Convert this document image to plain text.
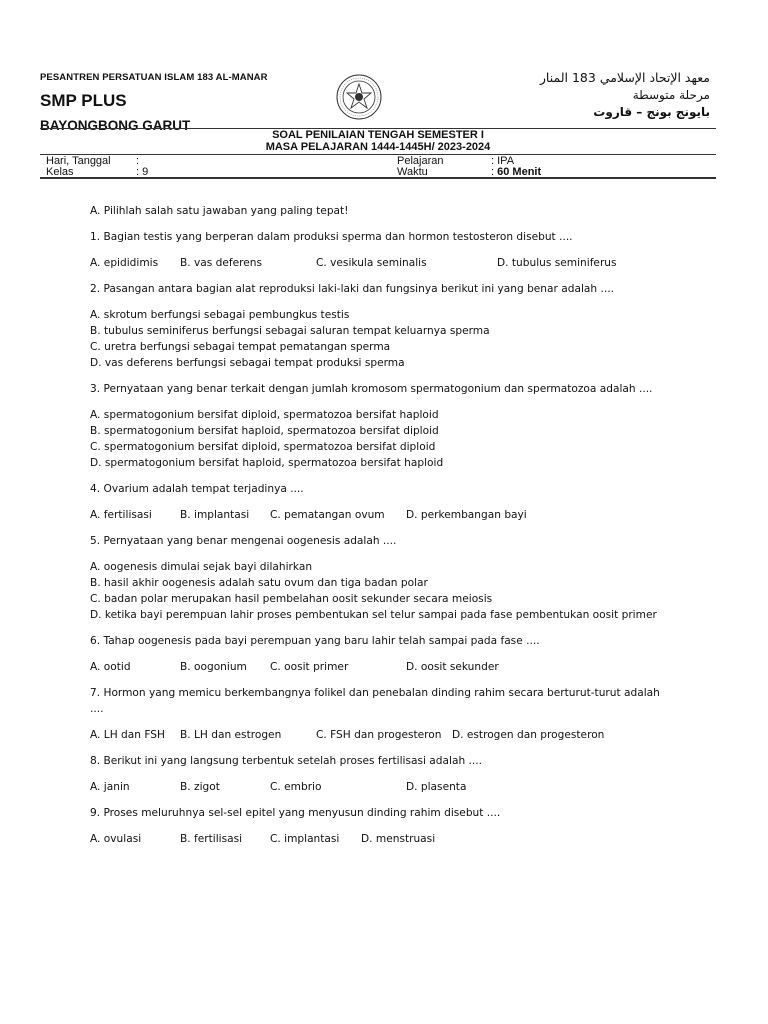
PESANTREN PERSATUAN ISLAM 183 AL-MANAR
SMP PLUS
BAYONGBONG GARUT
معهد الإتحاد الإسلامي 183 المنار
مرحلة متوسطة
بايونج بونج – قاروت
SOAL PENILAIAN TENGAH SEMESTER I
MASA PELAJARAN 1444-1445H/ 2023-2024
Hari, Tanggal :	Pelajaran	: IPA
Kelas	: 9	Waktu	: 60 Menit

A. Pilihlah salah satu jawaban yang paling tepat!

1. Bagian testis yang berperan dalam produksi sperma dan hormon testosteron disebut ....

A. epididimis	B. vas deferens	C. vesikula seminalis	D. tubulus seminiferus

2. Pasangan antara bagian alat reproduksi laki-laki dan fungsinya berikut ini yang benar adalah ....

A. skrotum berfungsi sebagai pembungkus testis
B. tubulus seminiferus berfungsi sebagai saluran tempat keluarnya sperma
C. uretra berfungsi sebagai tempat pematangan sperma
D. vas deferens berfungsi sebagai tempat produksi sperma

3. Pernyataan yang benar terkait dengan jumlah kromosom spermatogonium dan spermatozoa adalah ....

A. spermatogonium bersifat diploid, spermatozoa bersifat haploid
B. spermatogonium bersifat haploid, spermatozoa bersifat diploid
C. spermatogonium bersifat diploid, spermatozoa bersifat diploid
D. spermatogonium bersifat haploid, spermatozoa bersifat haploid

4. Ovarium adalah tempat terjadinya ....

A. fertilisasi	B. implantasi	C. pematangan ovum	D. perkembangan bayi

5. Pernyataan yang benar mengenai oogenesis adalah ....

A. oogenesis dimulai sejak bayi dilahirkan
B. hasil akhir oogenesis adalah satu ovum dan tiga badan polar
C. badan polar merupakan hasil pembelahan oosit sekunder secara meiosis
D. ketika bayi perempuan lahir proses pembentukan sel telur sampai pada fase pembentukan oosit primer

6. Tahap oogenesis pada bayi perempuan yang baru lahir telah sampai pada fase ....

A. ootid	B. oogonium	C. oosit primer	D. oosit sekunder

7. Hormon yang memicu berkembangnya folikel dan penebalan dinding rahim secara berturut-turut adalah ....

A. LH dan FSH	B. LH dan estrogen	C. FSH dan progesteron D. estrogen dan progesteron

8. Berikut ini yang langsung terbentuk setelah proses fertilisasi adalah ....

A. janin	B. zigot	C. embrio	D. plasenta

9. Proses meluruhnya sel-sel epitel yang menyusun dinding rahim disebut ....

A. ovulasi	B. fertilisasi	C. implantasi	D. menstruasi
